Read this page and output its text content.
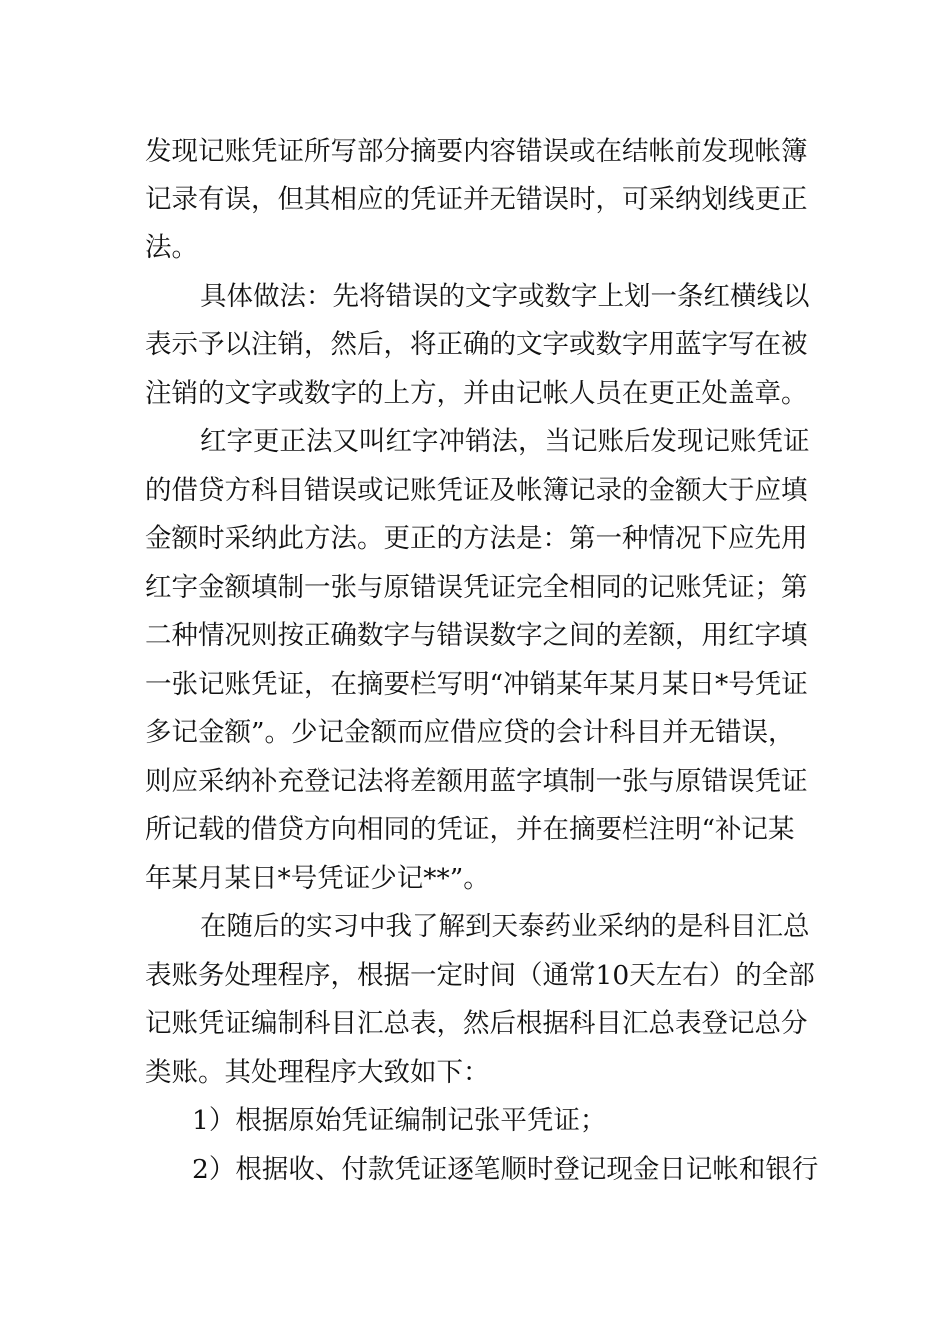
发现记账凭证所写部分摘要内容错误或在结帐前发现帐簿

记录有误，但其相应的凭证并无错误时，可采纳划线更正

法。

具体做法：先将错误的文字或数字上划一条红横线以

表示予以注销，然后，将正确的文字或数字用蓝字写在被

注销的文字或数字的上方，并由记帐人员在更正处盖章。

红字更正法又叫红字冲销法，当记账后发现记账凭证

的借贷方科目错误或记账凭证及帐簿记录的金额大于应填

金额时采纳此方法。更正的方法是：第一种情况下应先用

红字金额填制一张与原错误凭证完全相同的记账凭证；第

二种情况则按正确数字与错误数字之间的差额，用红字填

一张记账凭证，在摘要栏写明“冲销某年某月某日*号凭证

多记金额”。少记金额而应借应贷的会计科目并无错误，

则应采纳补充登记法将差额用蓝字填制一张与原错误凭证

所记载的借贷方向相同的凭证，并在摘要栏注明“补记某

年某月某日*号凭证少记**”。

在随后的实习中我了解到天泰药业采纳的是科目汇总

表账务处理程序，根据一定时间（通常10天左右）的全部

记账凭证编制科目汇总表，然后根据科目汇总表登记总分

类账。其处理程序大致如下：

1）根据原始凭证编制记张平凭证；

2）根据收、付款凭证逐笔顺时登记现金日记帐和银行
